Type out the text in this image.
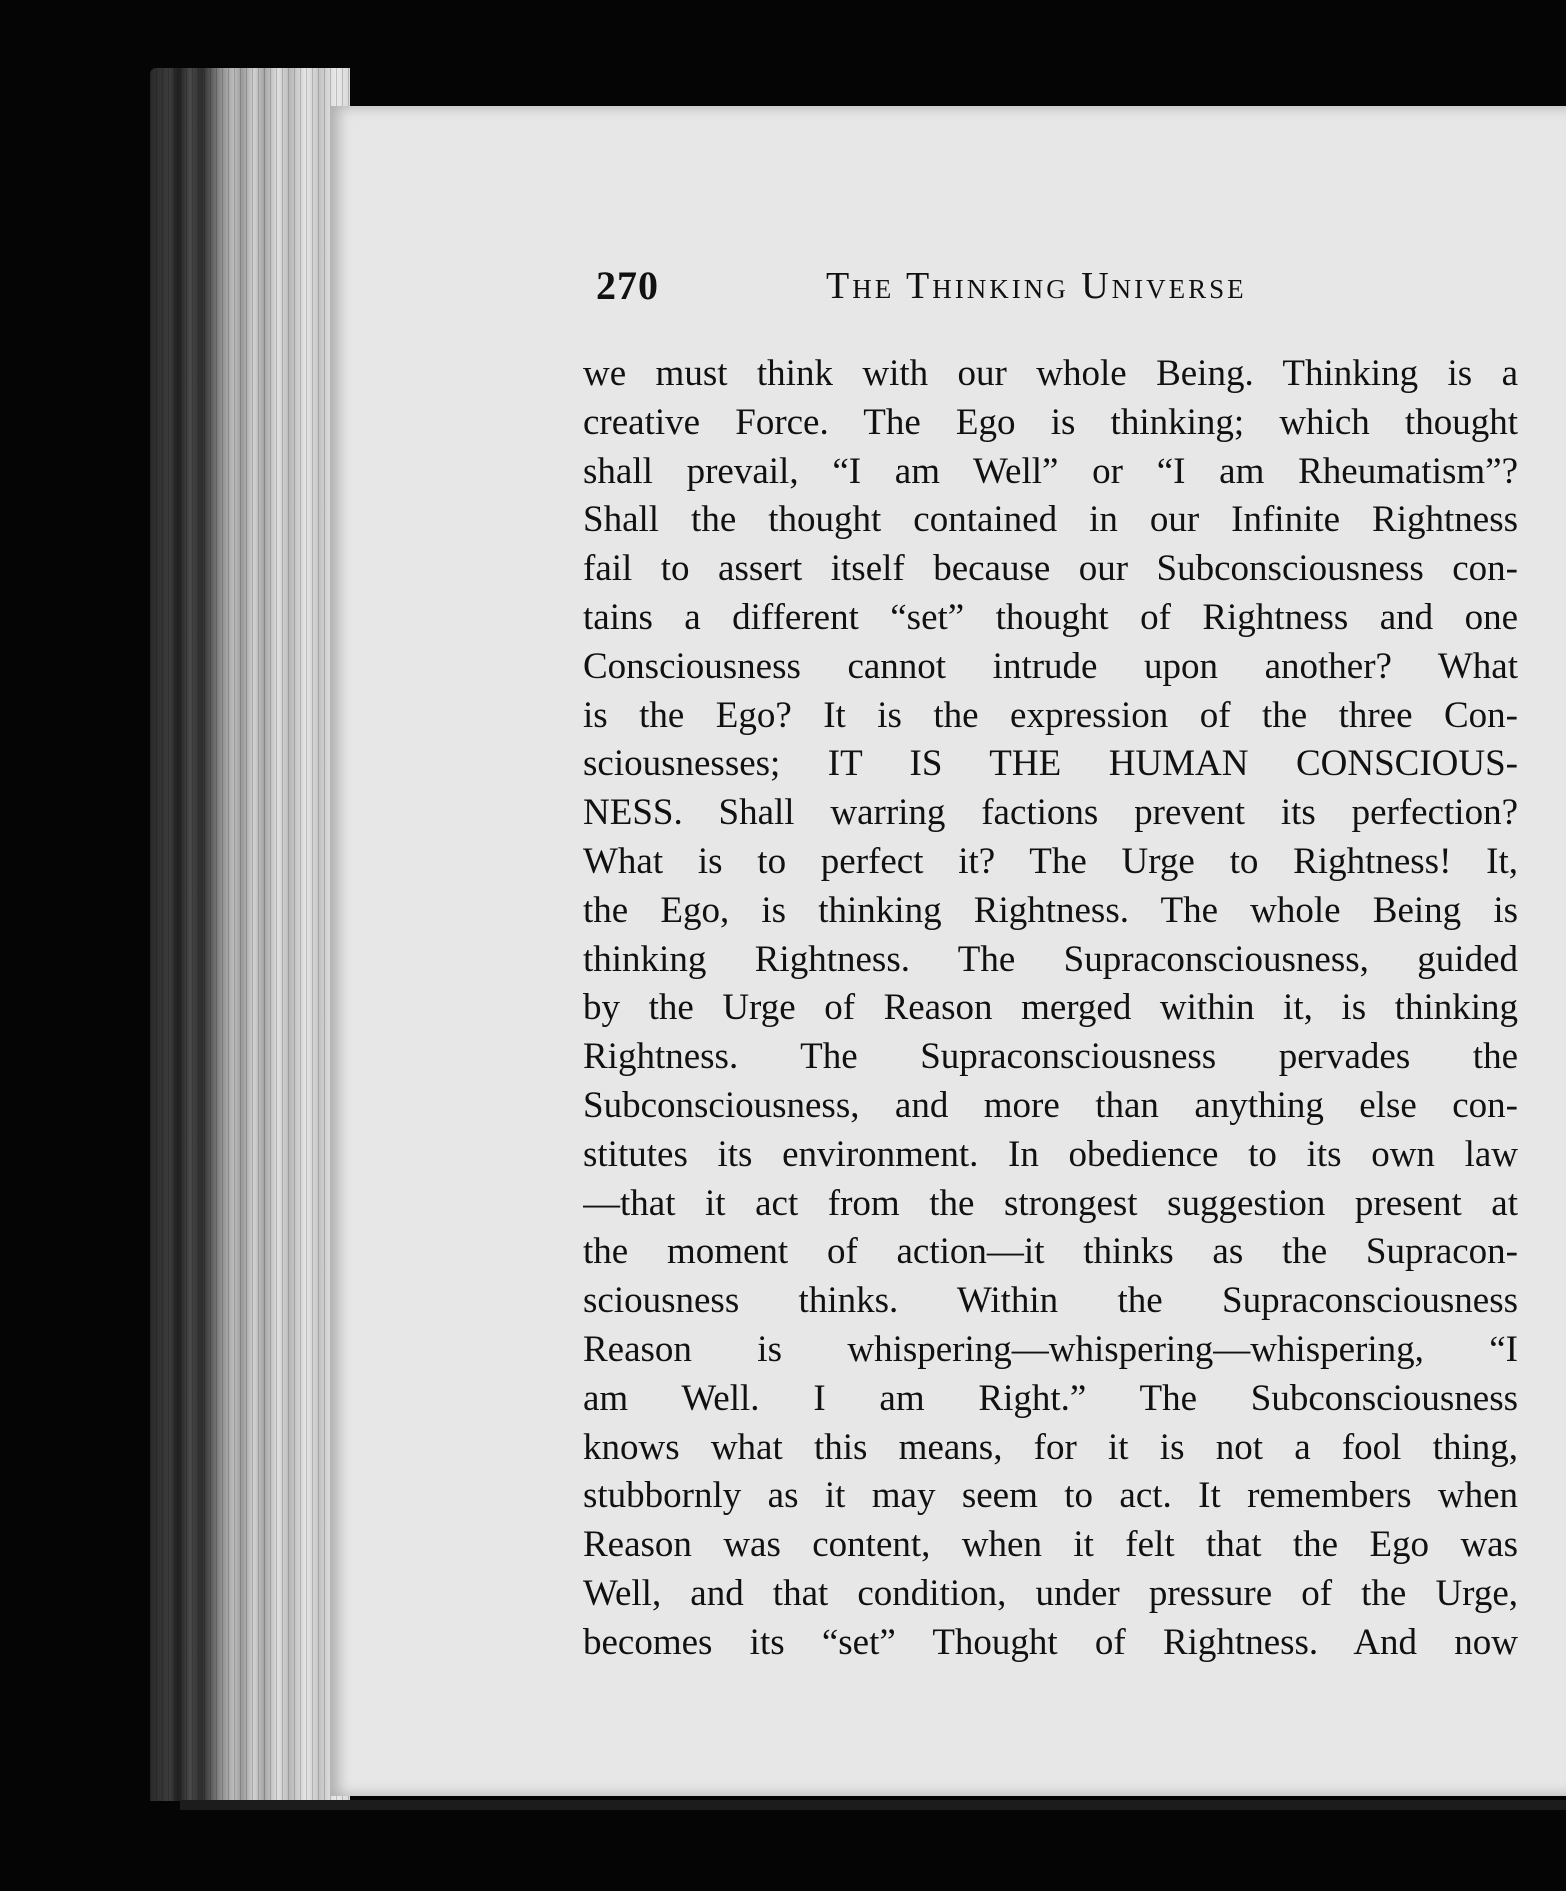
270	The Thinking Universe
we must think with our whole Being. Thinking is a
creative Force. The Ego is thinking; which thought
shall prevail, “I am Well” or “I am Rheumatism”?
Shall the thought contained in our Infinite Rightness
fail to assert itself because our Subconsciousness con-
tains a different “set” thought of Rightness and one
Consciousness cannot intrude upon another? What
is the Ego? It is the expression of the three Con-
sciousnesses; IT IS THE HUMAN CONSCIOUS-
NESS. Shall warring factions prevent its perfection?
What is to perfect it? The Urge to Rightness! It,
the Ego, is thinking Rightness. The whole Being is
thinking Rightness. The Supraconsciousness, guided
by the Urge of Reason merged within it, is thinking
Rightness. The Supraconsciousness pervades the
Subconsciousness, and more than anything else con-
stitutes its environment. In obedience to its own law
—that it act from the strongest suggestion present at
the moment of action—it thinks as the Supracon-
sciousness thinks. Within the Supraconsciousness
Reason is whispering—whispering—whispering, “I
am Well. I am Right.” The Subconsciousness
knows what this means, for it is not a fool thing,
stubbornly as it may seem to act. It remembers when
Reason was content, when it felt that the Ego was
Well, and that condition, under pressure of the Urge,
becomes its “set” Thought of Rightness. And now
